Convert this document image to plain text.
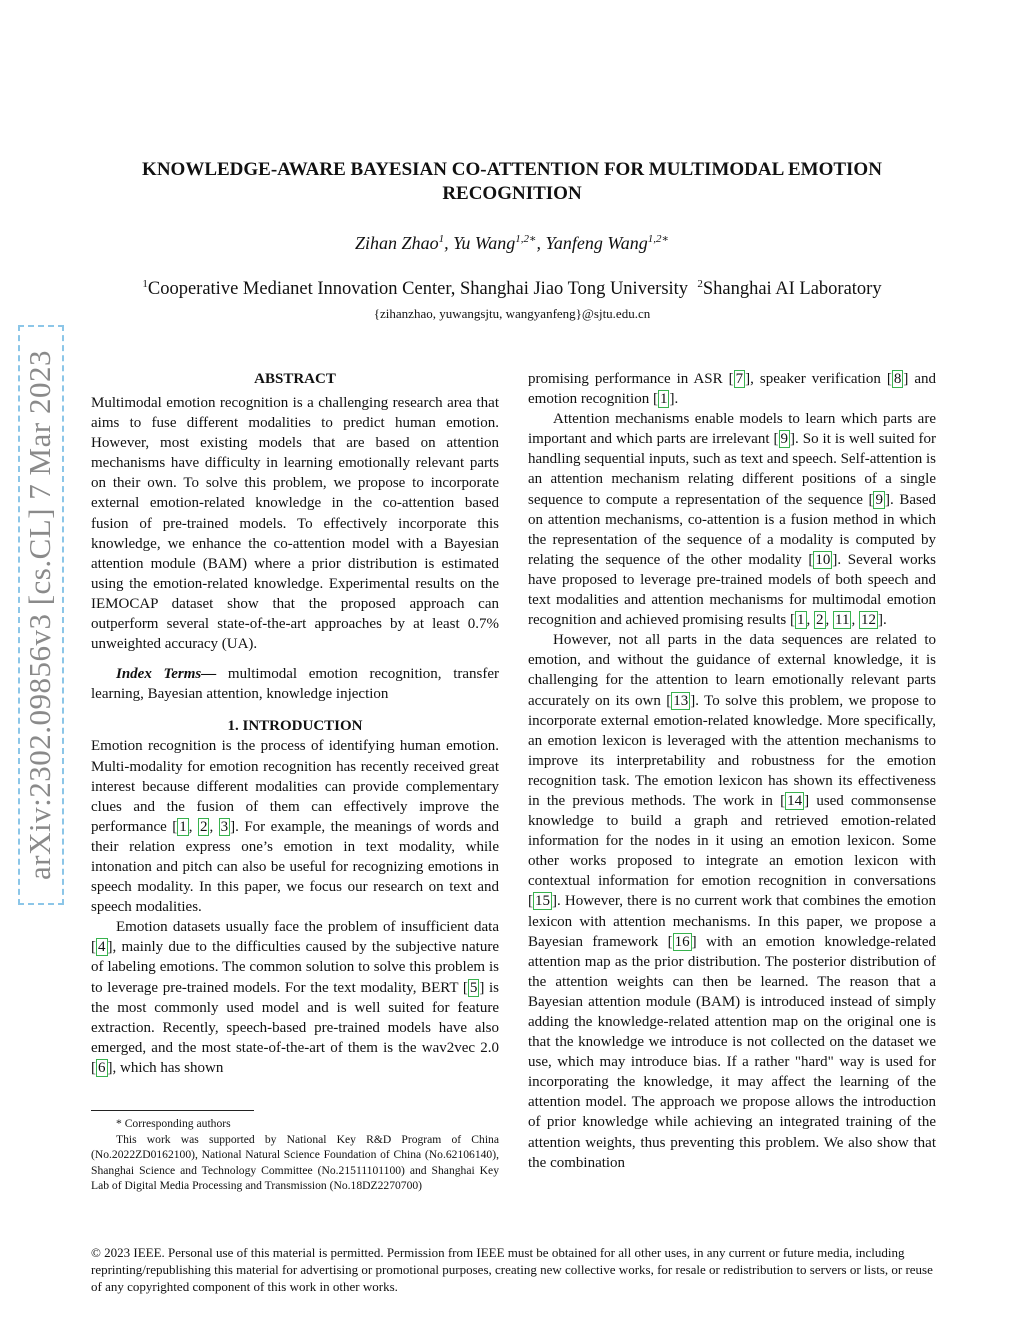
arXiv:2302.09856v3 [cs.CL] 7 Mar 2023
KNOWLEDGE-AWARE BAYESIAN CO-ATTENTION FOR MULTIMODAL EMOTION RECOGNITION
Zihan Zhao$^1$, Yu Wang$^{1,2∗}$, Yanfeng Wang$^{1,2∗}$
$^1$Cooperative Medianet Innovation Center, Shanghai Jiao Tong University $^2$Shanghai AI Laboratory
{zihanzhao, yuwangsjtu, wangyanfeng}@sjtu.edu.cn
ABSTRACT

Multimodal emotion recognition is a challenging research area that aims to fuse different modalities to predict human emotion. However, most existing models that are based on attention mechanisms have difficulty in learning emotionally relevant parts on their own. To solve this problem, we propose to incorporate external emotion-related knowledge in the co-attention based fusion of pre-trained models. To effectively incorporate this knowledge, we enhance the co-attention model with a Bayesian attention module (BAM) where a prior distribution is estimated using the emotion-related knowledge. Experimental results on the IEMOCAP dataset show that the proposed approach can outperform several state-of-the-art approaches by at least 0.7% unweighted accuracy (UA).

Index Terms— multimodal emotion recognition, transfer learning, Bayesian attention, knowledge injection

1. INTRODUCTION

Emotion recognition is the process of identifying human emotion. Multi-modality for emotion recognition has recently received great interest because different modalities can provide complementary clues and the fusion of them can effectively improve the performance [ 1 , 2 , 3 ]. For example, the meanings of words and their relation express one’s emotion in text modality, while intonation and pitch can also be useful for recognizing emotions in speech modality. In this paper, we focus our research on text and speech modalities.

Emotion datasets usually face the problem of insufficient data [ 4 ], mainly due to the difficulties caused by the subjective nature of labeling emotions. The common solution to solve this problem is to leverage pre-trained models. For the text modality, BERT [ 5 ] is the most commonly used model and is well suited for feature extraction. Recently, speech-based pre-trained models have also emerged, and the most state-of-the-art of them is the wav2vec 2.0 [ 6 ], which has shown

* Corresponding authors

This work was supported by National Key R&D Program of China (No.2022ZD0162100), National Natural Science Foundation of China (No.62106140), Shanghai Science and Technology Committee (No.21511101100) and Shanghai Key Lab of Digital Media Processing and Transmission (No.18DZ2270700)

promising performance in ASR [ 7 ], speaker verification [ 8 ] and emotion recognition [ 1 ].

Attention mechanisms enable models to learn which parts are important and which parts are irrelevant [ 9 ]. So it is well suited for handling sequential inputs, such as text and speech. Self-attention is an attention mechanism relating different positions of a single sequence to compute a representation of the sequence [ 9 ]. Based on attention mechanisms, co-attention is a fusion method in which the representation of the sequence of a modality is computed by relating the sequence of the other modality [ 10 ]. Several works have proposed to leverage pre-trained models of both speech and text modalities and attention mechanisms for multimodal emotion recognition and achieved promising results [ 1 , 2 , 11 , 12 ].

However, not all parts in the data sequences are related to emotion, and without the guidance of external knowledge, it is challenging for the attention to learn emotionally relevant parts accurately on its own [ 13 ]. To solve this problem, we propose to incorporate external emotion-related knowledge. More specifically, an emotion lexicon is leveraged with the attention mechanisms to improve its interpretability and robustness for the emotion recognition task. The emotion lexicon has shown its effectiveness in the previous methods. The work in [ 14 ] used commonsense knowledge to build a graph and retrieved emotion-related information for the nodes in it using an emotion lexicon. Some other works proposed to integrate an emotion lexicon with contextual information for emotion recognition in conversations [ 15 ]. However, there is no current work that combines the emotion lexicon with attention mechanisms. In this paper, we propose a Bayesian framework [ 16 ] with an emotion knowledge-related attention map as the prior distribution. The posterior distribution of the attention weights can then be learned. The reason that a Bayesian attention module (BAM) is introduced instead of simply adding the knowledge-related attention map on the original one is that the knowledge we introduce is not collected on the dataset we use, which may introduce bias. If a rather "hard" way is used for incorporating the knowledge, it may affect the learning of the attention model. The approach we propose allows the introduction of prior knowledge while achieving an integrated training of the attention weights, thus preventing this problem. We also show that the combination

© 2023 IEEE. Personal use of this material is permitted. Permission from IEEE must be obtained for all other uses, in any current or future media, including reprinting/republishing this material for advertising or promotional purposes, creating new collective works, for resale or redistribution to servers or lists, or reuse of any copyrighted component of this work in other works.
